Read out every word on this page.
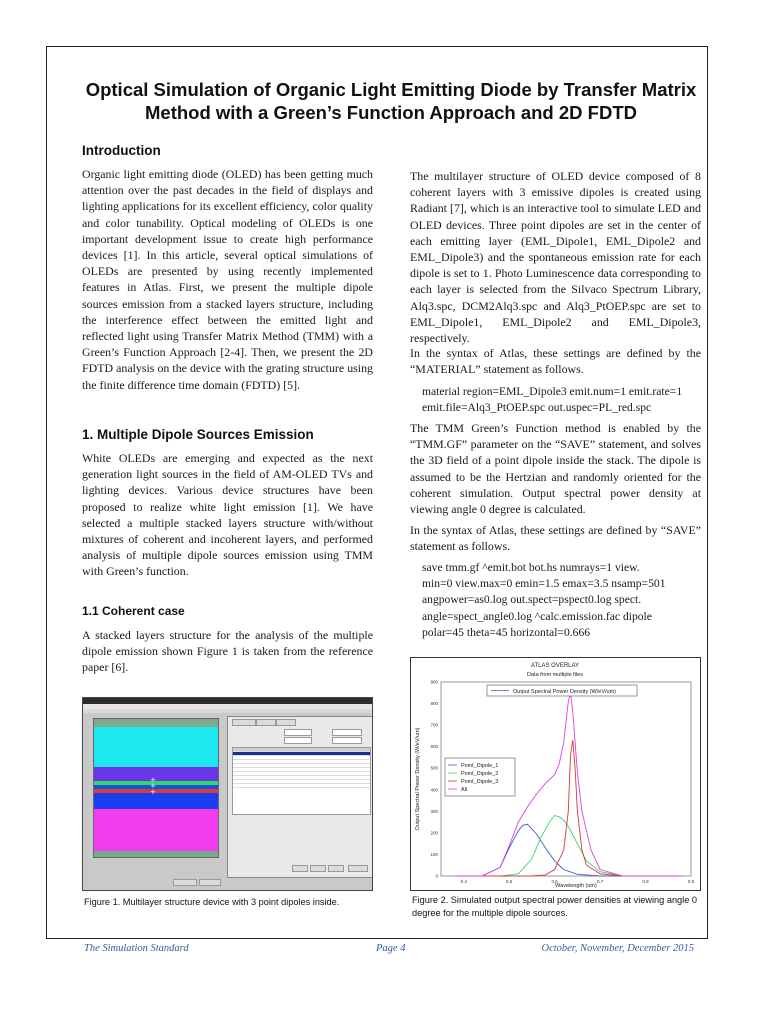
Optical Simulation of Organic Light Emitting Diode by Transfer Matrix Method with a Green’s Function Approach and 2D FDTD
Introduction

Organic light emitting diode (OLED) has been getting much attention over the past decades in the field of displays and lighting applications for its excellent efficiency, color quality and color tunability. Optical modeling of OLEDs is one important development issue to create high performance devices [1]. In this article, several optical simulations of OLEDs are presented by using recently implemented features in Atlas. First, we present the multiple dipole sources emission from a stacked layers structure, including the interference effect between the emitted light and reflected light using Transfer Matrix Method (TMM) with a Green’s Function Approach [2-4]. Then, we present the 2D FDTD analysis on the device with the grating structure using the finite difference time domain (FDTD) [5].

1. Multiple Dipole Sources Emission

White OLEDs are emerging and expected as the next generation light sources in the field of AM-OLED TVs and lighting devices. Various device structures have been proposed to realize white light emission [1]. We have selected a multiple stacked layers structure with/without mixtures of coherent and incoherent layers, and performed analysis of multiple dipole sources emission using TMM with Green’s function.

1.1 Coherent case

A stacked layers structure for the analysis of the multiple dipole emission shown Figure 1 is taken from the reference paper [6].

+
+
+
Figure 1. Multilayer structure device with 3 point dipoles inside.

The multilayer structure of OLED device composed of 8 coherent layers with 3 emissive dipoles is created using Radiant [7], which is an interactive tool to simulate LED and OLED devices. Three point dipoles are set in the center of each emitting layer (EML_Dipole1, EML_Dipole2 and EML_Dipole3) and the spontaneous emission rate for each dipole is set to 1. Photo Luminescence data corresponding to each layer is selected from the Silvaco Spectrum Library, Alq3.spc, DCM2Alq3.spc and Alq3_PtOEP.spc are set to EML_Dipole1, EML_Dipole2 and EML_Dipole3, respectively.

In the syntax of Atlas, these settings are defined by the “MATERIAL” statement as follows.

material region=EML_Dipole3 emit.num=1 emit.rate=1
emit.file=Alq3_PtOEP.spc out.uspec=PL_red.spc

The TMM Green’s Function method is enabled by the “TMM.GF” parameter on the “SAVE” statement, and solves the 3D field of a point dipole inside the stack. The dipole is assumed to be the Hertzian and randomly oriented for the coherent simulation. Output spectral power density at viewing angle 0 degree is calculated.

In the syntax of Atlas, these settings are defined by “SAVE” statement as follows.

save tmm.gf ^emit.bot bot.hs numrays=1 view.
min=0 view.max=0 emin=1.5 emax=3.5 nsamp=501
angpower=as0.log out.spect=pspect0.log spect.
angle=spect_angle0.log ^calc.emission.fac dipole
polar=45 theta=45 horizontal=0.666

ATLAS OVERLAY
Data from multiple files
0.4	0.5	0.6	0.7	0.8	0.9
0
100
200
300
400
500
600
700
800
900
Output Spectral Power Density (W/eV/um)
Point_Dipole_1
Point_Dipole_2
Point_Dipole_3
All
Wavelength (um)
Output Spectral Power Density (W/eV/um)
Figure 2. Simulated output spectral power densities at viewing angle 0 degree for the multiple dipole sources.
The Simulation Standard	Page 4	October, November, December 2015
